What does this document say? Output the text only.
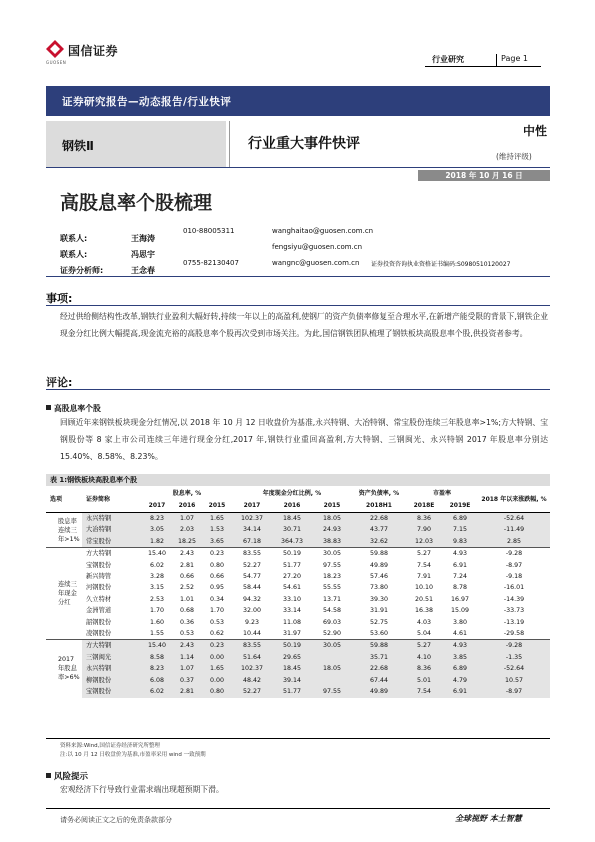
国信证券
GUOSEN	行业研究	Page 1
证券研究报告—动态报告/行业快评
钢铁Ⅱ	行业重大事件快评
中性
(维持评级)
2018 年 10 月 16 日
高股息率个股梳理
联系人:	王海涛
010-88005311	wanghaitao@guosen.com.cn
联系人:	冯思宇
fengsiyu@guosen.com.cn
证券分析师:	王念春
0755-82130407	wangnc@guosen.com.cn 证券投资咨询执业资格证书编码:S0980510120027
事项:
经过供给侧结构性改革,钢铁行业盈利大幅好转,持续一年以上的高盈利,使钢厂的资产负债率修复至合理水平,在新增产能受限的背景下,钢铁企业现金分红比例大幅提高,现金流充裕的高股息率个股再次受到市场关注。为此,国信钢铁团队梳理了钢铁板块高股息率个股,供投资者参考。
评论:
高股息率个股
回顾近年来钢铁板块现金分红情况,以 2018 年 10 月 12 日收盘价为基准,永兴特钢、大冶特钢、常宝股份连续三年股息率>1%;方大特钢、宝钢股份等 8 家上市公司连续三年进行现金分红,2017 年,钢铁行业重回高盈利,方大特钢、三钢闽光、永兴特钢 2017 年股息率分别达 15.40%、8.58%、8.23%。
表 1:钢铁板块高股息率个股
选项	证券简称	股息率, %			年度现金分红比例, %			资产负债率, %	市盈率		2018 年以来涨跌幅, %
		2017	2016	2015	2017	2016	2015	2018H1	2018E	2019E	
股息率连续三年>1%	永兴特钢	8.23	1.07	1.65	102.37	18.45	18.05	22.68	8.36	6.89	-52.64
	大冶特钢	3.05	2.03	1.53	34.14	30.71	24.93	43.77	7.90	7.15	-11.49
	常宝股份	1.82	18.25	3.65	67.18	364.73	38.83	32.62	12.03	9.83	2.85
连续三年现金分红	方大特钢	15.40	2.43	0.23	83.55	50.19	30.05	59.88	5.27	4.93	-9.28
	宝钢股份	6.02	2.81	0.80	52.27	51.77	97.55	49.89	7.54	6.91	-8.97
	新兴铸管	3.28	0.66	0.66	54.77	27.20	18.23	57.46	7.91	7.24	-9.18
	河钢股份	3.15	2.52	0.95	58.44	54.61	55.55	73.80	10.10	8.78	-16.01
	久立特材	2.53	1.01	0.34	94.32	33.10	13.71	39.30	20.51	16.97	-14.39
	金洲管道	1.70	0.68	1.70	32.00	33.14	54.58	31.91	16.38	15.09	-33.73
	韶钢股份	1.60	0.36	0.53	9.23	11.08	69.03	52.75	4.03	3.80	-13.19
	凌钢股份	1.55	0.53	0.62	10.44	31.97	52.90	53.60	5.04	4.61	-29.58
2017 年股息率>6%	方大特钢	15.40	2.43	0.23	83.55	50.19	30.05	59.88	5.27	4.93	-9.28
	三钢闽光	8.58	1.14	0.00	51.64	29.65		35.71	4.10	3.85	-1.35
	永兴特钢	8.23	1.07	1.65	102.37	18.45	18.05	22.68	8.36	6.89	-52.64
	柳钢股份	6.08	0.37	0.00	48.42	39.14		67.44	5.01	4.79	10.57
	宝钢股份	6.02	2.81	0.80	52.27	51.77	97.55	49.89	7.54	6.91	-8.97
资料来源:Wind,国信证券经济研究所整理
注:以 10 月 12 日收盘价为基准,市盈率采用 wind 一致预期
风险提示
宏观经济下行导致行业需求端出现超预期下滑。
请务必阅读正文之后的免责条款部分	全球视野 本土智慧
